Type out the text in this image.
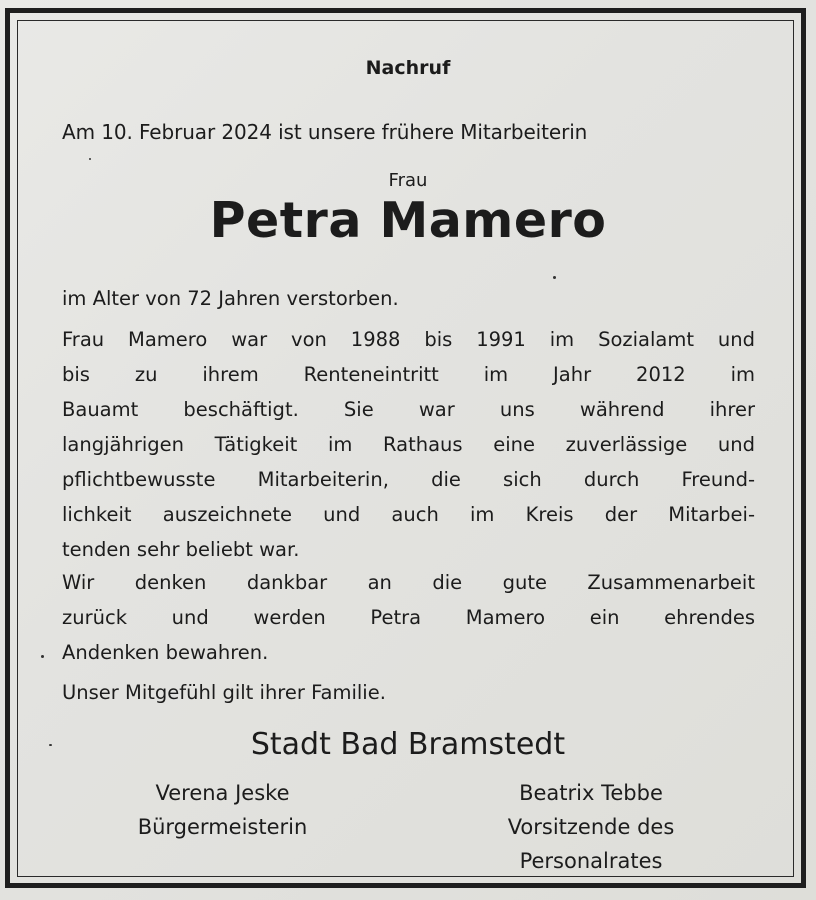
Nachruf

Am 10. Februar 2024 ist unsere frühere Mitarbeiterin

Frau

Petra Mamero
im Alter von 72 Jahren verstorben.
Frau Mamero war von 1988 bis 1991 im Sozialamt und
bis zu ihrem Renteneintritt im Jahr 2012 im
Bauamt beschäftigt. Sie war uns während ihrer
langjährigen Tätigkeit im Rathaus eine zuverlässige und
pflichtbewusste Mitarbeiterin, die sich durch Freund-
lichkeit auszeichnete und auch im Kreis der Mitarbei-
tenden sehr beliebt war.
Wir denken dankbar an die gute Zusammenarbeit
zurück und werden Petra Mamero ein ehrendes
Andenken bewahren.
Unser Mitgefühl gilt ihrer Familie.

Stadt Bad Bramstedt

Verena Jeske
Bürgermeisterin
Beatrix Tebbe
Vorsitzende des
Personalrates
